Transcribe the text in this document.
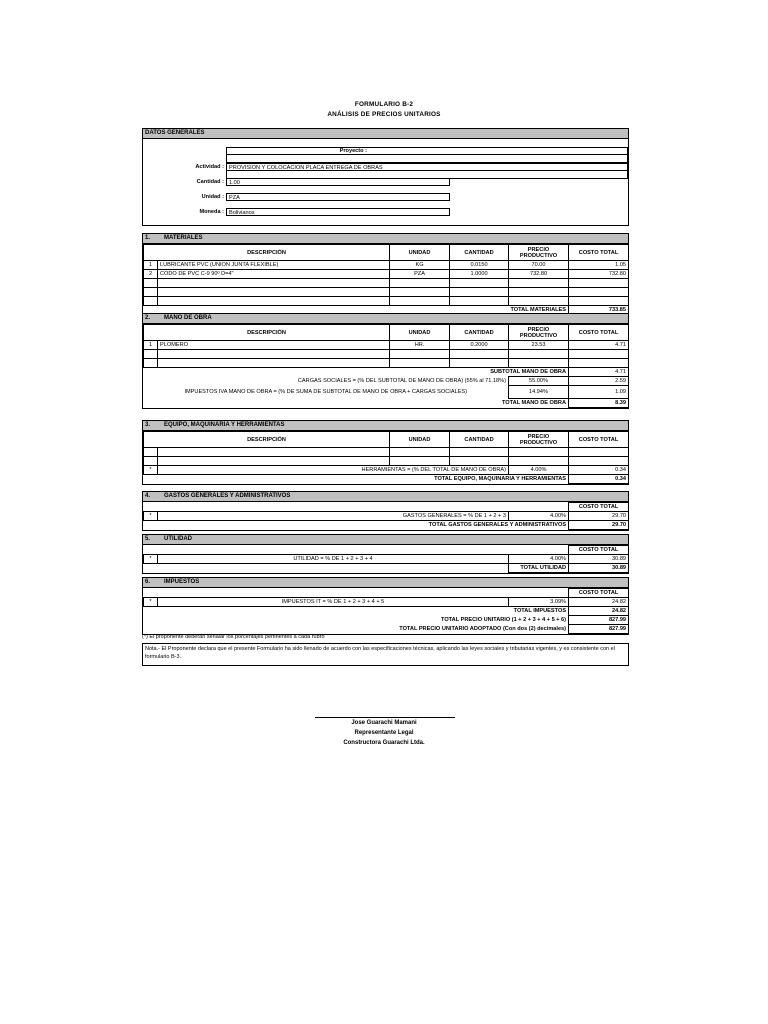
FORMULARIO B-2
ANÁLISIS DE PRECIOS UNITARIOS
DATOS GENERALES
Proyecto :
Actividad : PROVISION Y COLOCACION PLACA ENTREGA DE OBRAS
Cantidad : 1.00
Unidad : PZA
Moneda : Bolivianos
1. MATERIALES
DESCRIPCIÓN		UNIDAD	CANTIDAD	PRECIO PRODUCTIVO	COSTO TOTAL
1	LUBRICANTE PVC (UNION JUNTA FLEXIBLE)	KG	0.0150	70.00	1.05
2	CODO DE PVC C-9 90º D=4"	PZA	1.0000	732.80	732.80

TOTAL MATERIALES					733.85
2. MANO DE OBRA
DESCRIPCIÓN		UNIDAD	CANTIDAD	PRECIO PRODUCTIVO	COSTO TOTAL
1	PLOMERO	HR.	0.2000	23.53	4.71

SUBTOTAL MANO DE OBRA					4.71
CARGAS SOCIALES = (% DEL SUBTOTAL DE MANO DE OBRA) (55% al 71.18%)				55.00%	2.59
IMPUESTOS IVA MANO DE OBRA = (% DE SUMA DE SUBTOTAL DE MANO DE OBRA + CARGAS SOCIALES)				14.94%	1.09
TOTAL MANO DE OBRA					8.39
3. EQUIPO, MAQUINARIA Y HERRAMIENTAS
DESCRIPCIÓN		UNIDAD	CANTIDAD	PRECIO PRODUCTIVO	COSTO TOTAL

*	HERRAMIENTAS = (% DEL TOTAL DE MANO DE OBRA)			4.00%	0.34
TOTAL EQUIPO, MAQUINARIA Y HERRAMIENTAS					0.34
4. GASTOS GENERALES Y ADMINISTRATIVOS
			COSTO TOTAL
*	GASTOS GENERALES = % DE 1 + 2 + 3	4.00%	29.70
TOTAL GASTOS GENERALES Y ADMINISTRATIVOS			29.70
5. UTILIDAD
			COSTO TOTAL
*	UTILIDAD = % DE 1 + 2 + 3 + 4	4.00%	30.89
		TOTAL UTILIDAD	30.89
6. IMPUESTOS
			COSTO TOTAL
*	IMPUESTOS IT = % DE 1 + 2 + 3 + 4 + 5	3.09%	24.82
TOTAL IMPUESTOS			24.82
TOTAL PRECIO UNITARIO (1 + 2 + 3 + 4 + 5 + 6)			827.99
TOTAL PRECIO UNITARIO ADOPTADO (Con dos (2) decimales)			827.99
(*) El proponente deberán señalar los porcentajes pertinentes a cada rubro
Nota.- El Proponente declara que el presente Formulario ha sido llenado de acuerdo con las especificaciones técnicas, aplicando las leyes sociales y tributarias vigentes, y es consistente con el formulario B-3.
Jose Guarachi Mamani
Representante Legal
Constructora Guarachi Ltda.
